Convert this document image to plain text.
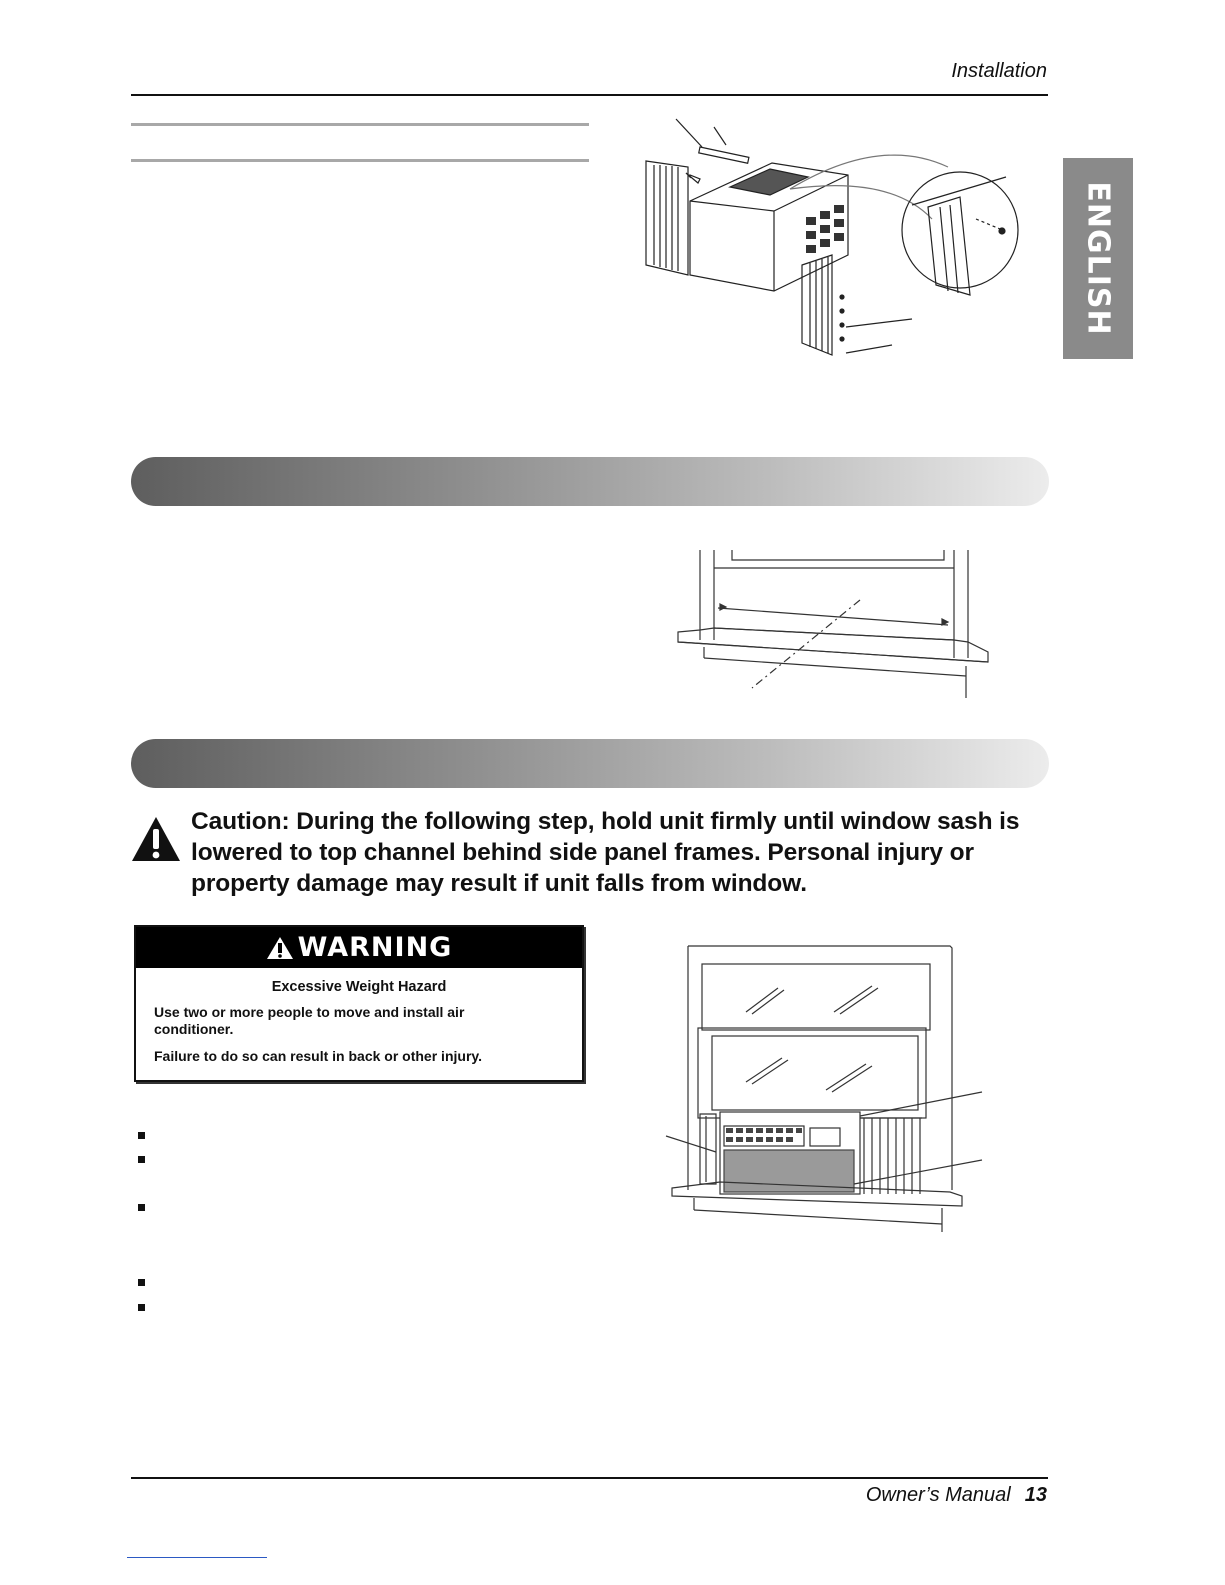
Installation
ENGLISH
Caution: During the following step, hold unit firmly until window sash is lowered to top channel behind side panel frames. Personal injury or property damage may result if unit falls from window.
WARNING
Excessive Weight Hazard
Use two or more people to move and install air conditioner.
Failure to do so can result in back or other injury.
Owner’s Manual 13
